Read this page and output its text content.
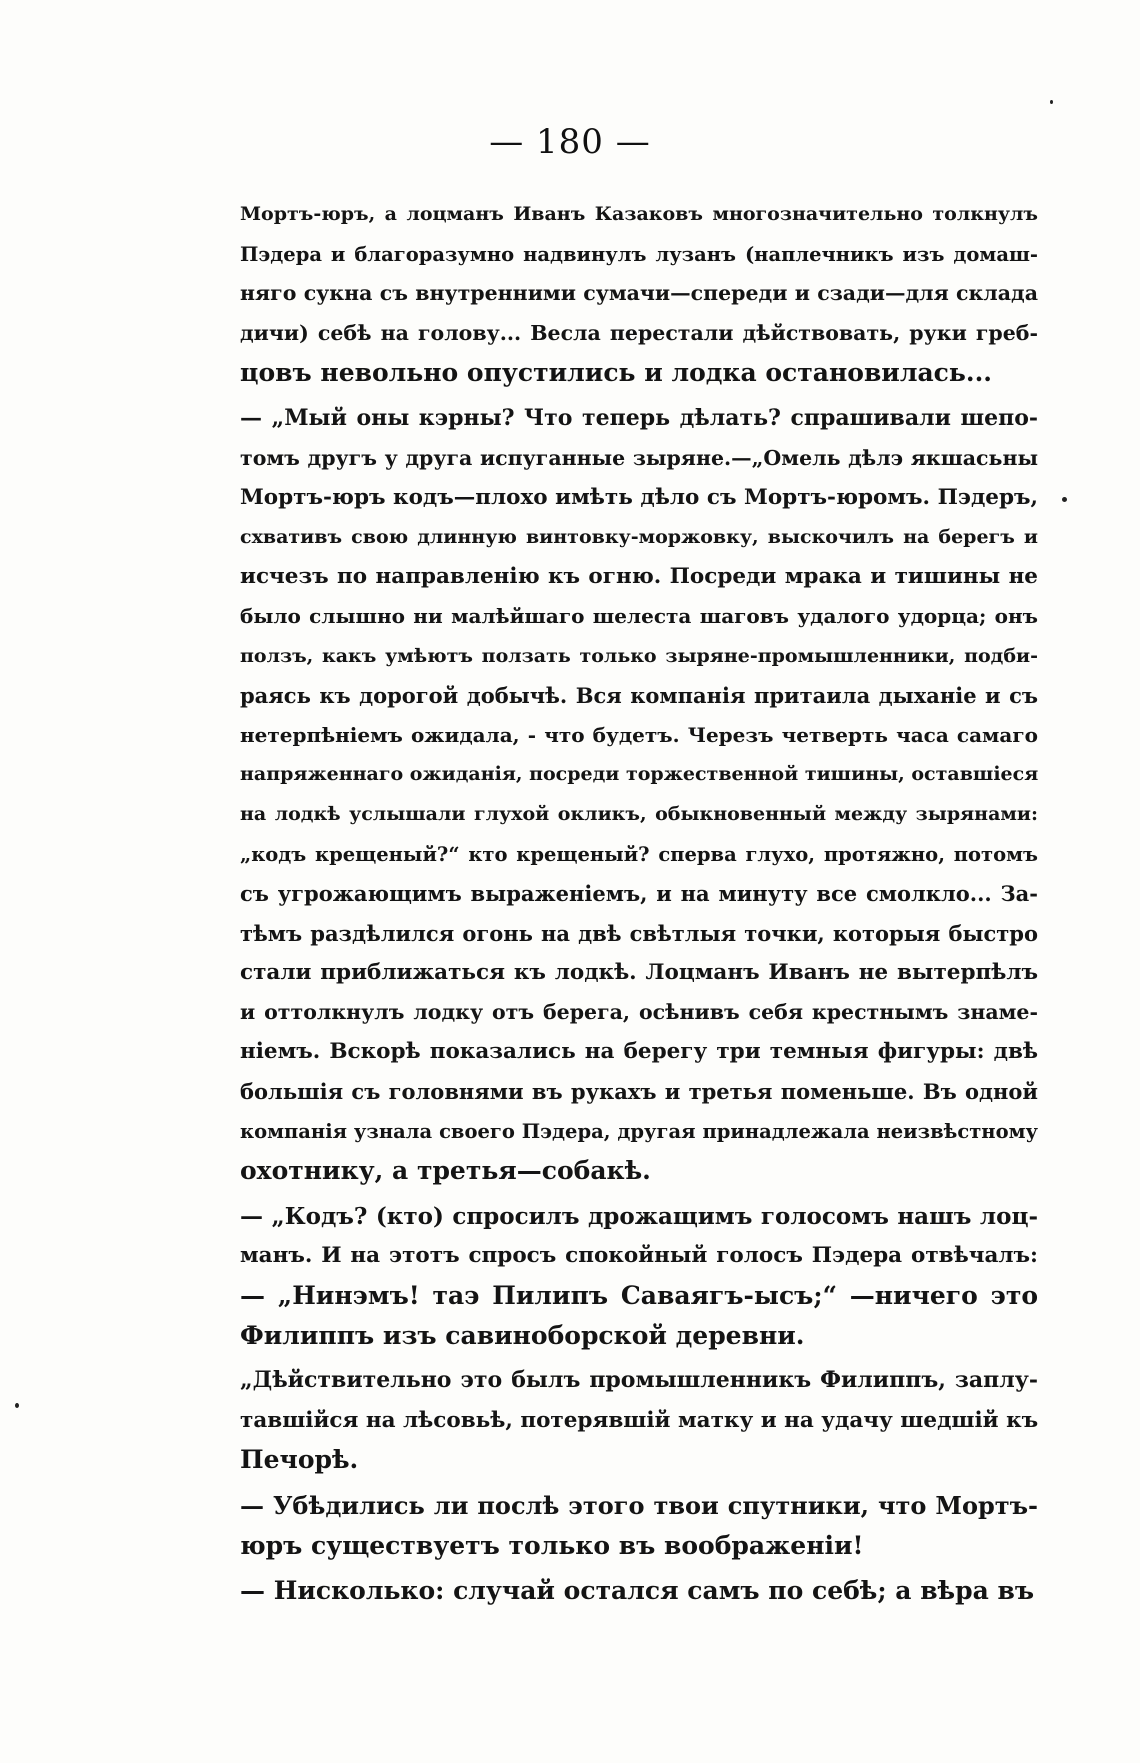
— 180 —
Мортъ-юръ, а лоцманъ Иванъ Казаковъ многозначительно толкнулъ
Пэдера и благоразумно надвинулъ лузанъ (наплечникъ изъ домаш-
няго сукна съ внутренними сумачи—спереди и сзади—для склада
дичи) себѣ на голову... Весла перестали дѣйствовать, руки греб-
цовъ невольно опустились и лодка остановилась...
— „Мый оны кэрны? Что теперь дѣлать? спрашивали шепо-
томъ другъ у друга испуганные зыряне.—„Омель дѣлэ якшасьны
Мортъ-юръ кодъ—плохо имѣть дѣло съ Мортъ-юромъ. Пэдеръ,
схвативъ свою длинную винтовку-моржовку, выскочилъ на берегъ и
исчезъ по направленію къ огню. Посреди мрака и тишины не
было слышно ни малѣйшаго шелеста шаговъ удалого удорца; онъ
ползъ, какъ умѣютъ ползать только зыряне-промышленники, подби-
раясь къ дорогой добычѣ. Вся компанія притаила дыханіе и съ
нетерпѣніемъ ожидала, - что будетъ. Черезъ четверть часа самаго
напряженнаго ожиданія, посреди торжественной тишины, оставшіеся
на лодкѣ услышали глухой окликъ, обыкновенный между зырянами:
„кодъ крещеный?“ кто крещеный? сперва глухо, протяжно, потомъ
съ угрожающимъ выраженіемъ, и на минуту все смолкло... За-
тѣмъ раздѣлился огонь на двѣ свѣтлыя точки, которыя быстро
стали приближаться къ лодкѣ. Лоцманъ Иванъ не вытерпѣлъ
и оттолкнулъ лодку отъ берега, осѣнивъ себя крестнымъ знаме-
ніемъ. Вскорѣ показались на берегу три темныя фигуры: двѣ
большія съ головнями въ рукахъ и третья поменьше. Въ одной
компанія узнала своего Пэдера, другая принадлежала неизвѣстному
охотнику, а третья—собакѣ.
— „Кодъ? (кто) спросилъ дрожащимъ голосомъ нашъ лоц-
манъ. И на этотъ спросъ спокойный голосъ Пэдера отвѣчалъ:
— „Нинэмъ! таэ Пилипъ Саваягъ-ысъ;“ —ничего это
Филиппъ изъ савиноборской деревни.
„Дѣйствительно это былъ промышленникъ Филиппъ, заплу-
тавшійся на лѣсовьѣ, потерявшій матку и на удачу шедшій къ
Печорѣ.
— Убѣдились ли послѣ этого твои спутники, что Мортъ-
юръ существуетъ только въ воображеніи!
— Нисколько: случай остался самъ по себѣ; а вѣра въ
